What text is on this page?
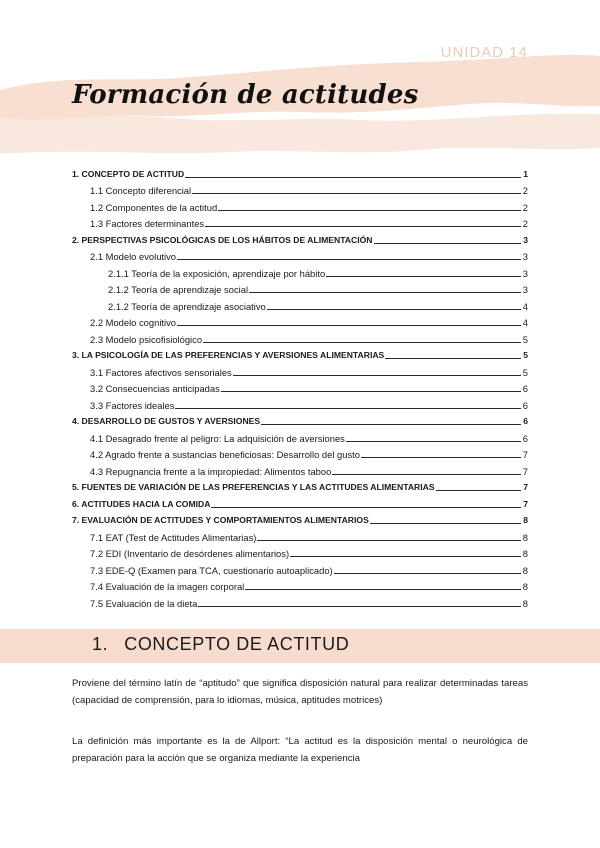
UNIDAD 14
Formación de actitudes
1. CONCEPTO DE ACTITUD	1
1.1 Concepto diferencial	2
1.2 Componentes de la actitud	2
1.3 Factores determinantes	2
2. PERSPECTIVAS PSICOLÓGICAS DE LOS HÁBITOS DE ALIMENTACIÓN	3
2.1 Modelo evolutivo	3
2.1.1 Teoría de la exposición, aprendizaje por hábito	3
2.1.2 Teoría de aprendizaje social	3
2.1.2 Teoría de aprendizaje asociativo	4
2.2 Modelo cognitivo	4
2.3 Modelo psicofisiológico	5
3. LA PSICOLOGÍA DE LAS PREFERENCIAS Y AVERSIONES ALIMENTARIAS	5
3.1 Factores afectivos sensoriales	5
3.2 Consecuencias anticipadas	6
3.3 Factores ideales	6
4. DESARROLLO DE GUSTOS Y AVERSIONES	6
4.1 Desagrado frente al peligro: La adquisición de aversiones	6
4.2 Agrado frente a sustancias beneficiosas: Desarrollo del gusto	7
4.3 Repugnancia frente a la impropiedad: Alimentos taboo	7
5. FUENTES DE VARIACIÓN DE LAS PREFERENCIAS Y LAS ACTITUDES ALIMENTARIAS	7
6. ACTITUDES HACIA LA COMIDA	7
7. EVALUACIÓN DE ACTITUDES Y COMPORTAMIENTOS ALIMENTARIOS	8
7.1 EAT (Test de Actitudes Alimentarias)	8
7.2 EDI (Inventario de desórdenes alimentarios)	8
7.3 EDE-Q (Examen para TCA, cuestionario autoaplicado)	8
7.4 Evaluación de la imagen corporal	8
7.5 Evaluación de la dieta	8
1. CONCEPTO DE ACTITUD

Proviene del término latín de “aptitudo” que significa disposición natural para realizar determinadas tareas (capacidad de comprensión, para lo idiomas, música, aptitudes motrices)

La definición más importante es la de Allport: “La actitud es la disposición mental o neurológica de preparación para la acción que se organiza mediante la experiencia
